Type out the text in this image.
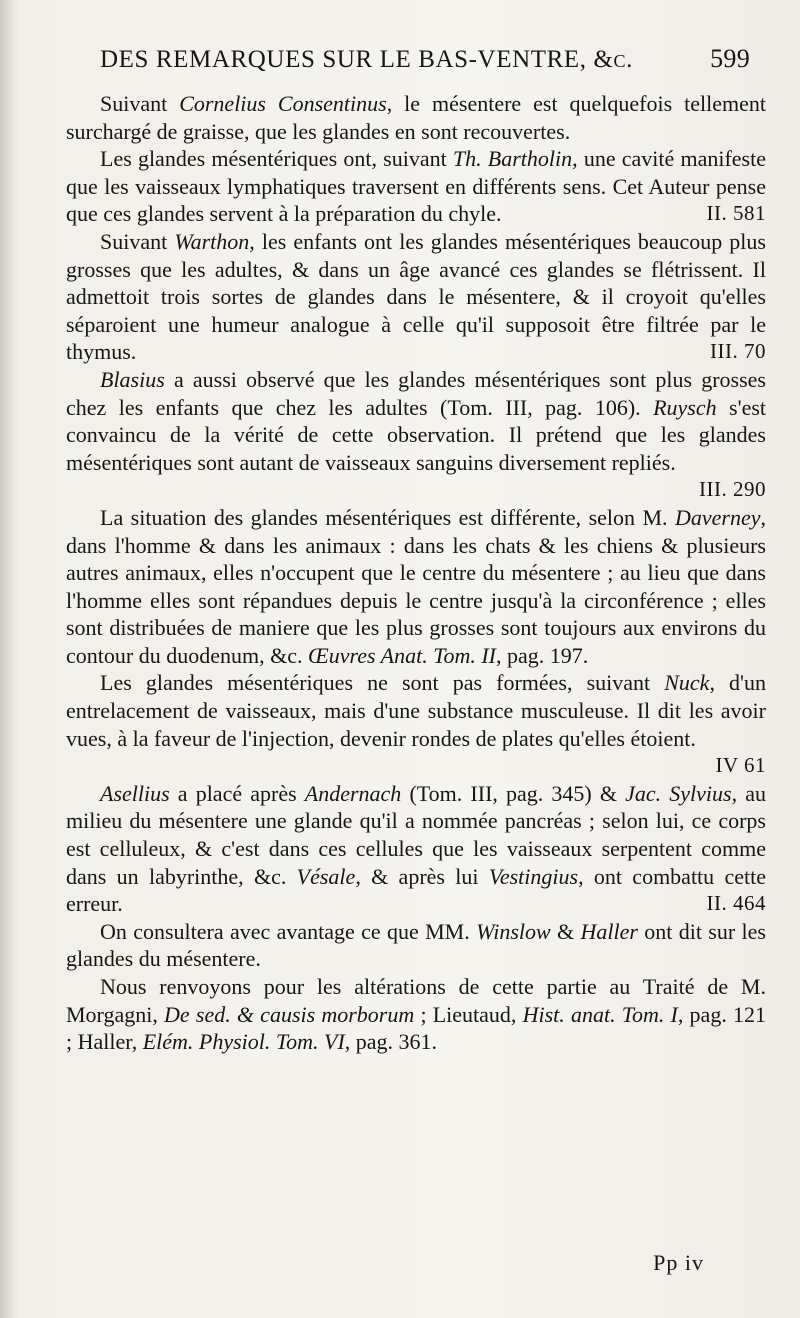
DES REMARQUES SUR LE BAS-VENTRE, &c.	599

Suivant Cornelius Consentinus, le mésentere est quelquefois tellement surchargé de graisse, que les glandes en sont recouvertes.

Les glandes mésentériques ont, suivant Th. Bartholin, une cavité manifeste que les vaisseaux lymphatiques traversent en différents sens. Cet Auteur pense que ces glandes servent à la préparation du chyle.	II. 581

Suivant Warthon, les enfants ont les glandes mésentériques beaucoup plus grosses que les adultes, & dans un âge avancé ces glandes se flétrissent. Il admettoit trois sortes de glandes dans le mésentere, & il croyoit qu'elles séparoient une humeur analogue à celle qu'il supposoit être filtrée par le thymus.	III. 70

Blasius a aussi observé que les glandes mésentériques sont plus grosses chez les enfants que chez les adultes (Tom. III, pag. 106). Ruysch s'est convaincu de la vérité de cette observation. Il prétend que les glandes mésentériques sont autant de vaisseaux sanguins diversement repliés.
III. 290

La situation des glandes mésentériques est différente, selon M. Daverney, dans l'homme & dans les animaux : dans les chats & les chiens & plusieurs autres animaux, elles n'occupent que le centre du mésentere ; au lieu que dans l'homme elles sont répandues depuis le centre jusqu'à la circonférence ; elles sont distribuées de maniere que les plus grosses sont toujours aux environs du contour du duodenum, &c. Œuvres Anat. Tom. II, pag. 197.

Les glandes mésentériques ne sont pas formées, suivant Nuck, d'un entrelacement de vaisseaux, mais d'une substance musculeuse. Il dit les avoir vues, à la faveur de l'injection, devenir rondes de plates qu'elles étoient.
IV 61

Asellius a placé après Andernach (Tom. III, pag. 345) & Jac. Sylvius, au milieu du mésentere une glande qu'il a nommée pancréas ; selon lui, ce corps est celluleux, & c'est dans ces cellules que les vaisseaux serpentent comme dans un labyrinthe, &c. Vésale, & après lui Vestingius, ont combattu cette erreur.	II. 464

On consultera avec avantage ce que MM. Winslow & Haller ont dit sur les glandes du mésentere.

Nous renvoyons pour les altérations de cette partie au Traité de M. Morgagni, De sed. & causis morborum ; Lieutaud, Hist. anat. Tom. I, pag. 121 ; Haller, Elém. Physiol. Tom. VI, pag. 361.

Pp iv
